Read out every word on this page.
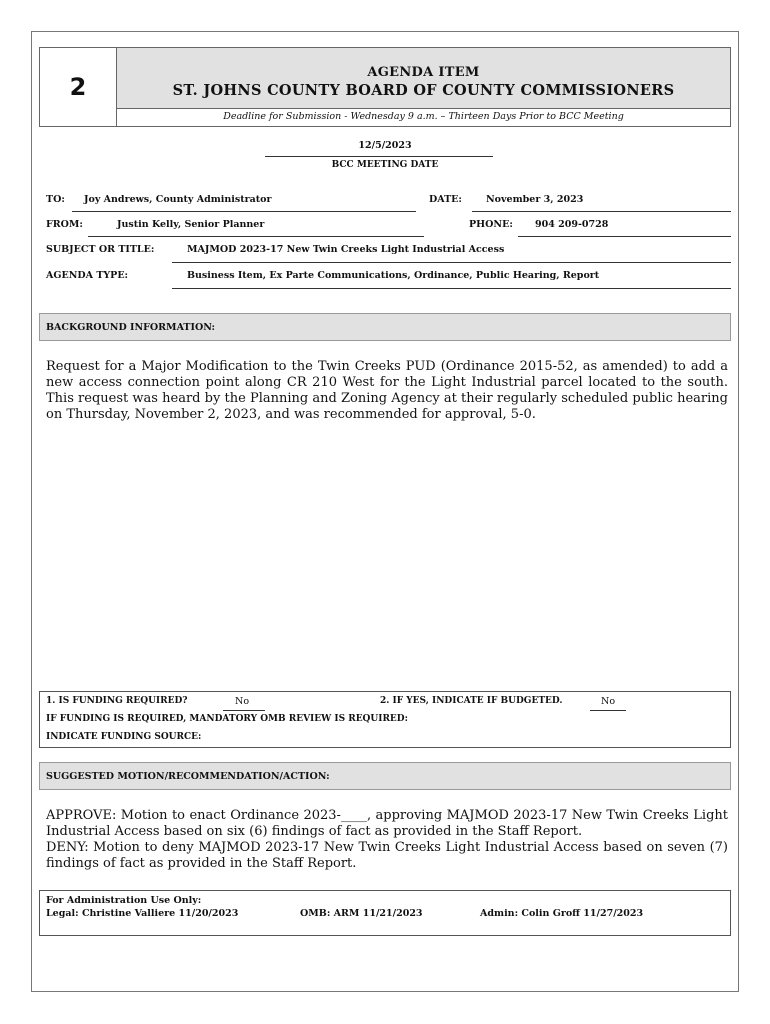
2
AGENDA ITEM
ST. JOHNS COUNTY BOARD OF COUNTY COMMISSIONERS
Deadline for Submission - Wednesday 9 a.m. – Thirteen Days Prior to BCC Meeting
12/5/2023
BCC MEETING DATE
TO: Joy Andrews, County Administrator	DATE:	November 3, 2023
FROM:	Justin Kelly, Senior Planner	PHONE: 904 209-0728
SUBJECT OR TITLE:	MAJMOD 2023-17 New Twin Creeks Light Industrial Access
AGENDA TYPE:	Business Item, Ex Parte Communications, Ordinance, Public Hearing, Report
BACKGROUND INFORMATION:

Request for a Major Modification to the Twin Creeks PUD (Ordinance 2015-52, as amended) to add a new access connection point along CR 210 West for the Light Industrial parcel located to the south. This request was heard by the Planning and Zoning Agency at their regularly scheduled public hearing on Thursday, November 2, 2023, and was recommended for approval, 5-0.

1. IS FUNDING REQUIRED?	No	2. IF YES, INDICATE IF BUDGETED.	No
IF FUNDING IS REQUIRED, MANDATORY OMB REVIEW IS REQUIRED:
INDICATE FUNDING SOURCE:
SUGGESTED MOTION/RECOMMENDATION/ACTION:

APPROVE: Motion to enact Ordinance 2023-____, approving MAJMOD 2023-17 New Twin Creeks Light Industrial Access based on six (6) findings of fact as provided in the Staff Report.

DENY: Motion to deny MAJMOD 2023-17 New Twin Creeks Light Industrial Access based on seven (7) findings of fact as provided in the Staff Report.

For Administration Use Only:
Legal: Christine Valliere 11/20/2023	OMB: ARM 11/21/2023	Admin: Colin Groff 11/27/2023
